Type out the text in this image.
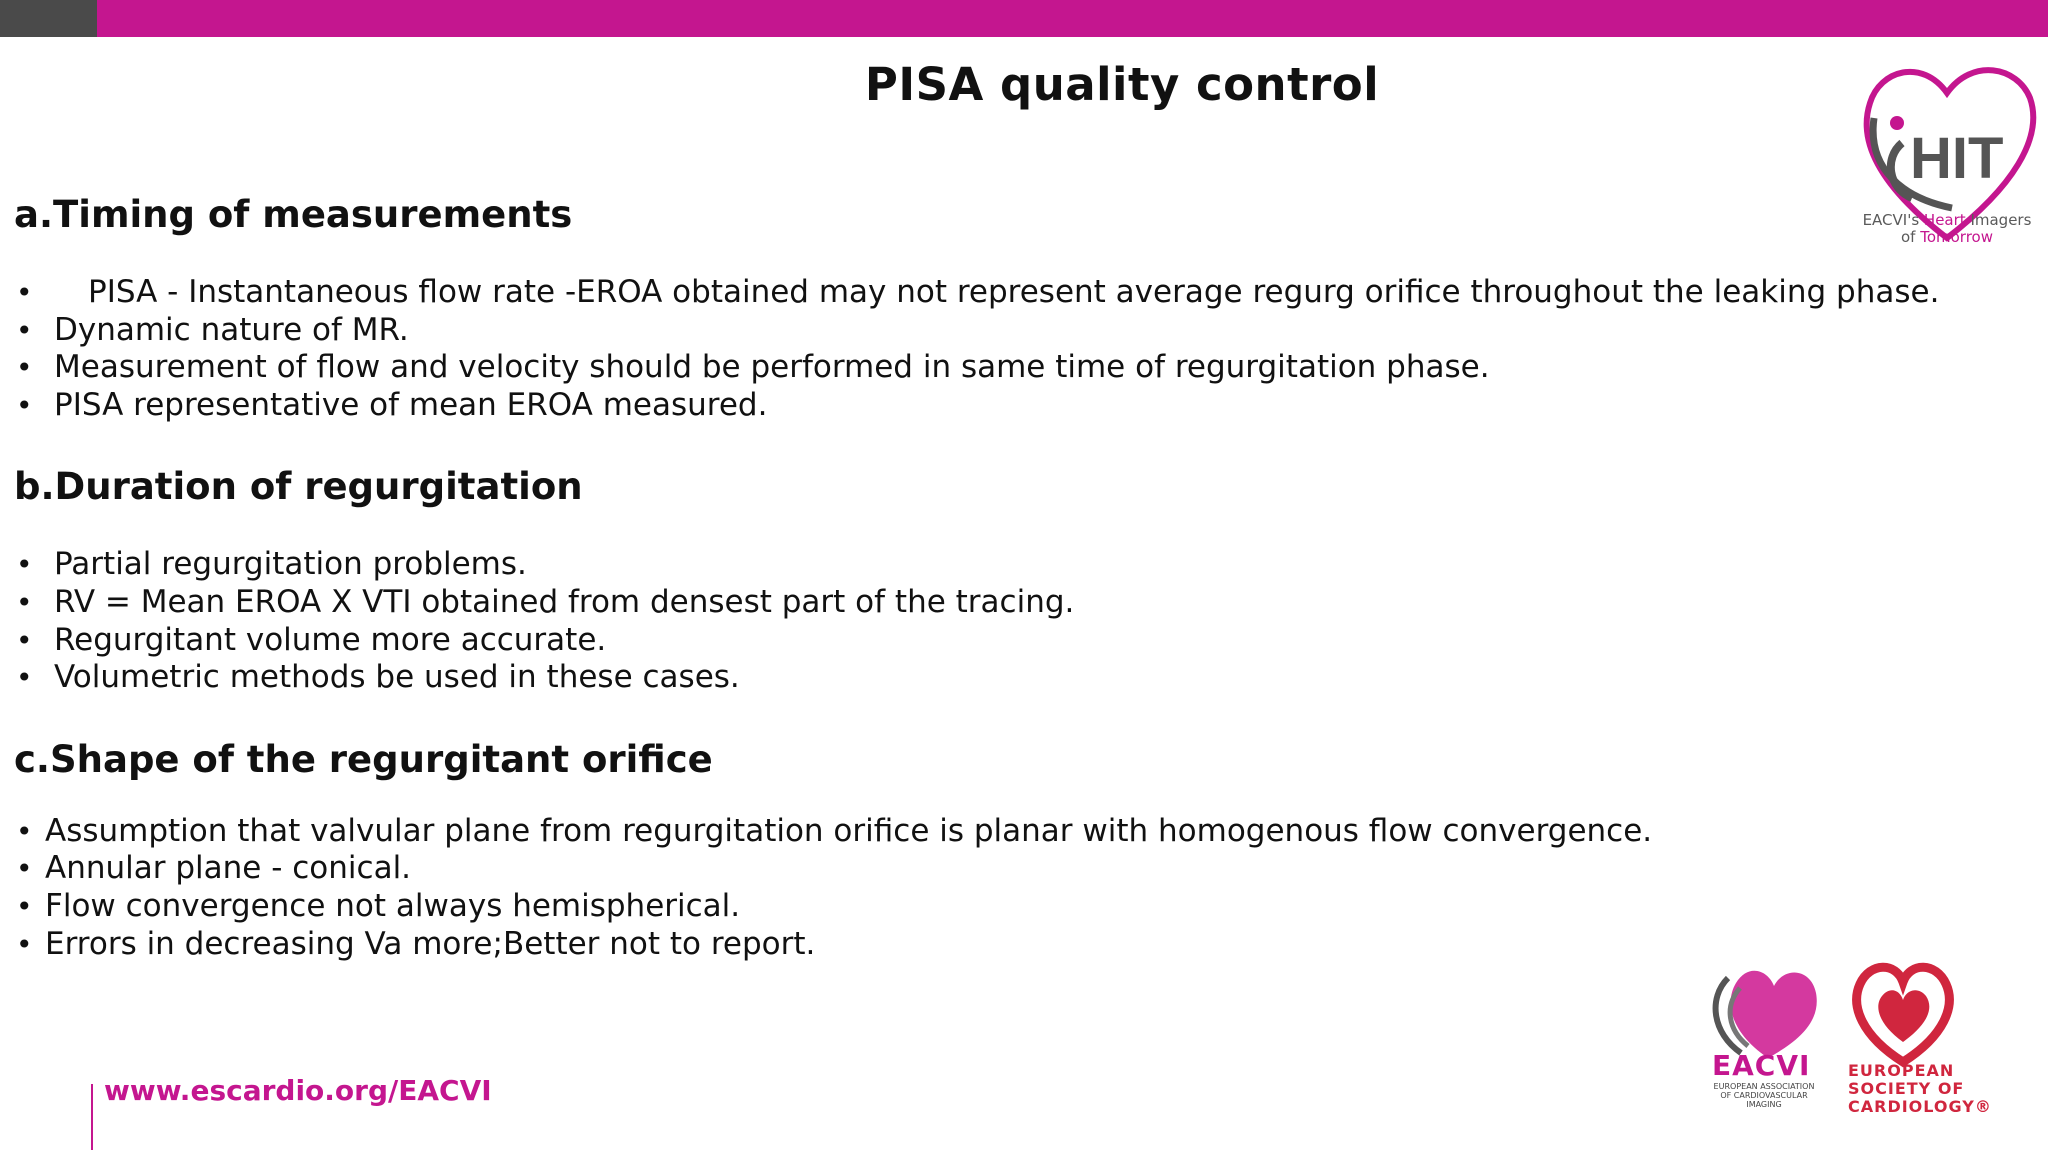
PISA quality control
HIT
EACVI's Heart Imagers
of Tomorrow
a.Timing of measurements
• PISA - Instantaneous flow rate -EROA obtained may not represent average regurg orifice throughout the leaking phase.
• Dynamic nature of MR.
• Measurement of flow and velocity should be performed in same time of regurgitation phase.
• PISA representative of mean EROA measured.
b.Duration of regurgitation
• Partial regurgitation problems.
• RV = Mean EROA X VTI obtained from densest part of the tracing.
• Regurgitant volume more accurate.
• Volumetric methods be used in these cases.
c.Shape of the regurgitant orifice
• Assumption that valvular plane from regurgitation orifice is planar with homogenous flow convergence.
• Annular plane - conical.
• Flow convergence not always hemispherical.
• Errors in decreasing Va more;Better not to report.
www.escardio.org/EACVI
EACVI
EUROPEAN ASSOCIATION OF CARDIOVASCULAR IMAGING
EUROPEAN
SOCIETY OF
CARDIOLOGY®
